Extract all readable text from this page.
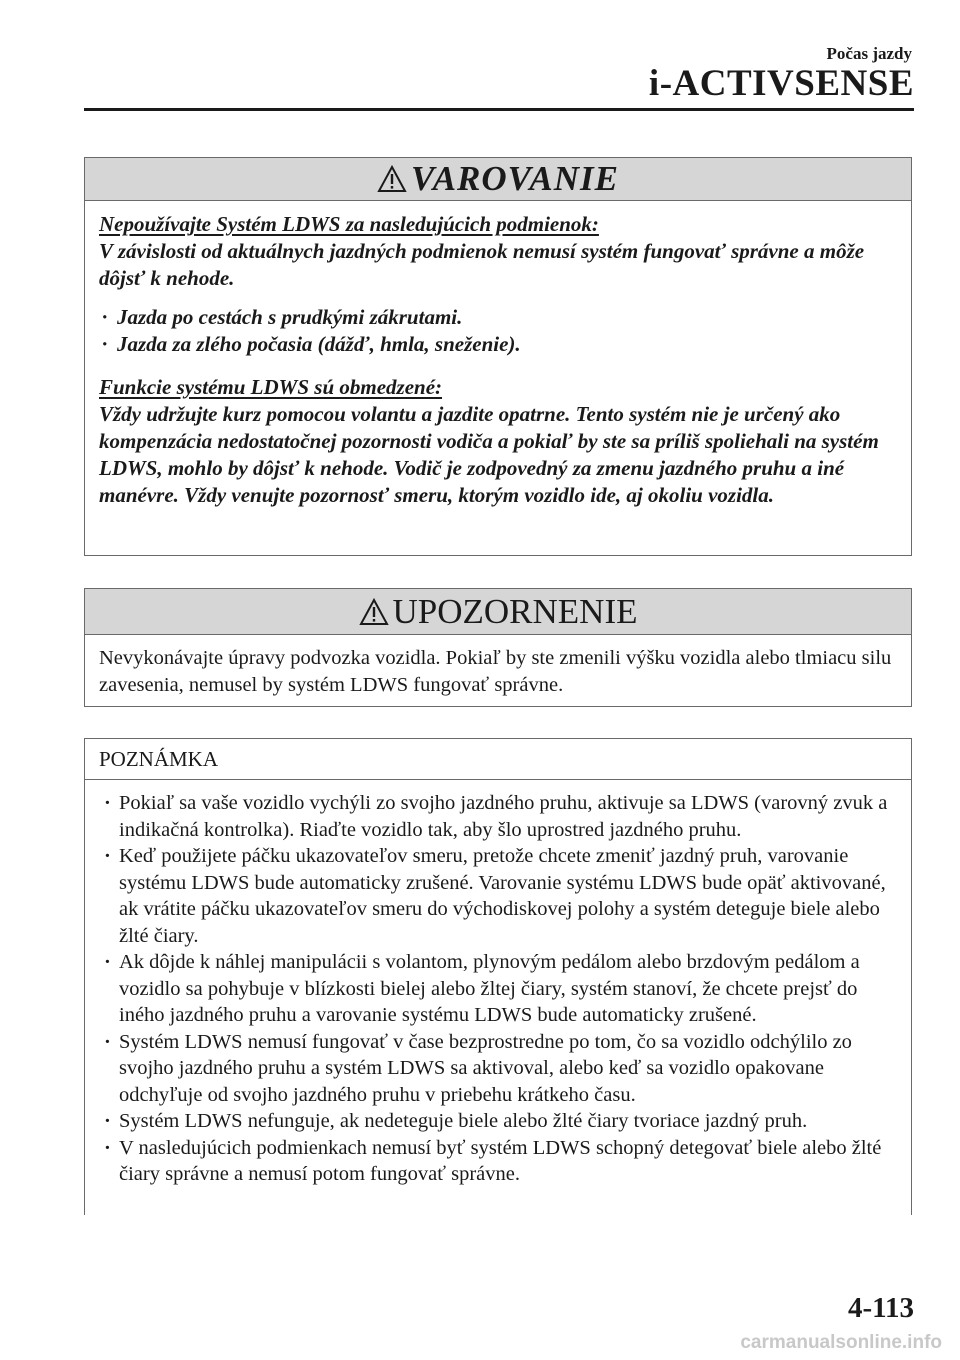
Počas jazdy
i-ACTIVSENSE
VAROVANIE

Nepoužívajte Systém LDWS za nasledujúcich podmienok:

V závislosti od aktuálnych jazdných podmienok nemusí systém fungovať správne a môže dôjsť k nehode.

· Jazda po cestách s prudkými zákrutami.
· Jazda za zlého počasia (dážď, hmla, sneženie).

Funkcie systému LDWS sú obmedzené:

Vždy udržujte kurz pomocou volantu a jazdite opatrne. Tento systém nie je určený ako kompenzácia nedostatočnej pozornosti vodiča a pokiaľ by ste sa príliš spoliehali na systém LDWS, mohlo by dôjsť k nehode. Vodič je zodpovedný za zmenu jazdného pruhu a iné manévre. Vždy venujte pozornosť smeru, ktorým vozidlo ide, aj okoliu vozidla.

UPOZORNENIE

Nevykonávajte úpravy podvozka vozidla. Pokiaľ by ste zmenili výšku vozidla alebo tlmiacu silu zavesenia, nemusel by systém LDWS fungovať správne.

POZNÁMKA
· Pokiaľ sa vaše vozidlo vychýli zo svojho jazdného pruhu, aktivuje sa LDWS (varovný zvuk a indikačná kontrolka). Riaďte vozidlo tak, aby šlo uprostred jazdného pruhu.
· Keď použijete páčku ukazovateľov smeru, pretože chcete zmeniť jazdný pruh, varovanie systému LDWS bude automaticky zrušené. Varovanie systému LDWS bude opäť aktivované, ak vrátite páčku ukazovateľov smeru do východiskovej polohy a systém deteguje biele alebo žlté čiary.
· Ak dôjde k náhlej manipulácii s volantom, plynovým pedálom alebo brzdovým pedálom a vozidlo sa pohybuje v blízkosti bielej alebo žltej čiary, systém stanoví, že chcete prejsť do iného jazdného pruhu a varovanie systému LDWS bude automaticky zrušené.
· Systém LDWS nemusí fungovať v čase bezprostredne po tom, čo sa vozidlo odchýlilo zo svojho jazdného pruhu a systém LDWS sa aktivoval, alebo keď sa vozidlo opakovane odchyľuje od svojho jazdného pruhu v priebehu krátkeho času.
· Systém LDWS nefunguje, ak nedeteguje biele alebo žlté čiary tvoriace jazdný pruh.
· V nasledujúcich podmienkach nemusí byť systém LDWS schopný detegovať biele alebo žlté čiary správne a nemusí potom fungovať správne.
4-113
carmanualsonline.info
